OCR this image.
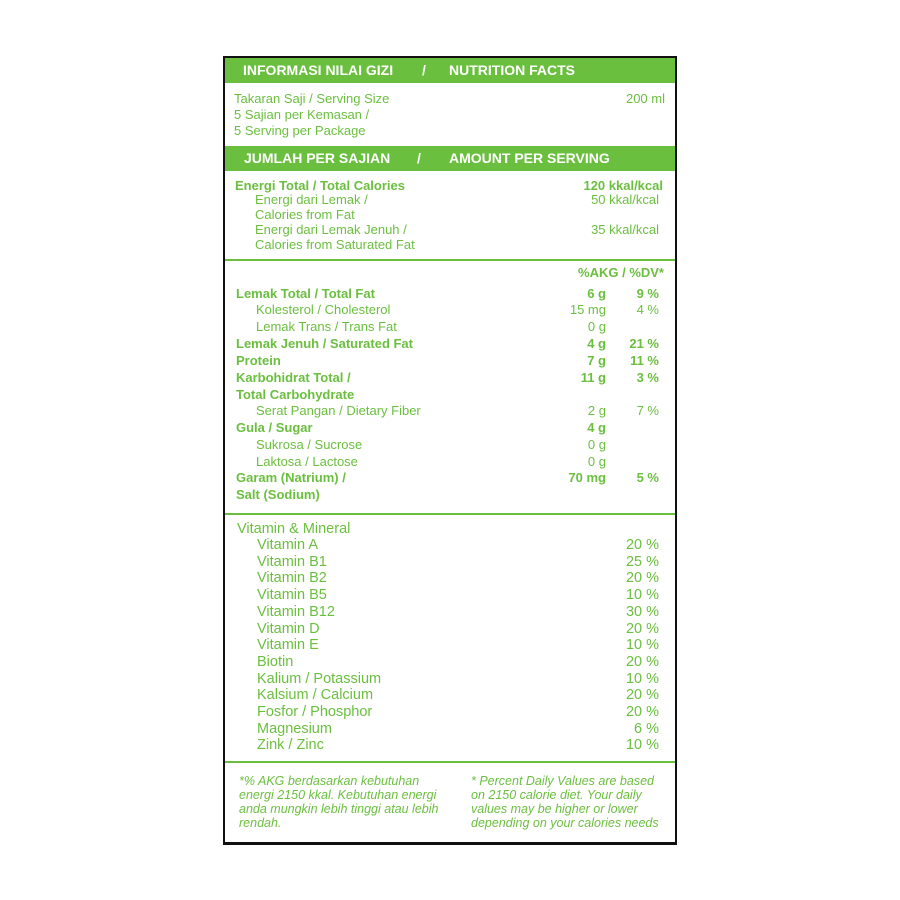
INFORMASI NILAI GIZI / NUTRITION FACTS
Takaran Saji / Serving Size	200 ml
5 Sajian per Kemasan /
5 Serving per Package
JUMLAH PER SAJIAN / AMOUNT PER SERVING
Energi Total / Total Calories	120 kkal/kcal
Energi dari Lemak /	50 kkal/kcal
Calories from Fat
Energi dari Lemak Jenuh /	35 kkal/kcal
Calories from Saturated Fat
%AKG / %DV*
Lemak Total / Total Fat	6 g 9 %
Kolesterol / Cholesterol	15 mg 4 %
Lemak Trans / Trans Fat	0 g
Lemak Jenuh / Saturated Fat	4 g 21 %
Protein	7 g 11 %
Karbohidrat Total /	11 g 3 %
Total Carbohydrate
Serat Pangan / Dietary Fiber	2 g 7 %
Gula / Sugar	4 g
Sukrosa / Sucrose	0 g
Laktosa / Lactose	0 g
Garam (Natrium) /	70 mg 5 %
Salt (Sodium)
Vitamin & Mineral
Vitamin A	20 %
Vitamin B1	25 %
Vitamin B2	20 %
Vitamin B5	10 %
Vitamin B12	30 %
Vitamin D	20 %
Vitamin E	10 %
Biotin	20 %
Kalium / Potassium	10 %
Kalsium / Calcium	20 %
Fosfor / Phosphor	20 %
Magnesium	6 %
Zink / Zinc	10 %
*% AKG berdasarkan kebutuhan energi 2150 kkal. Kebutuhan energi anda mungkin lebih tinggi atau lebih rendah.
* Percent Daily Values are based on 2150 calorie diet. Your daily values may be higher or lower depending on your calories needs
